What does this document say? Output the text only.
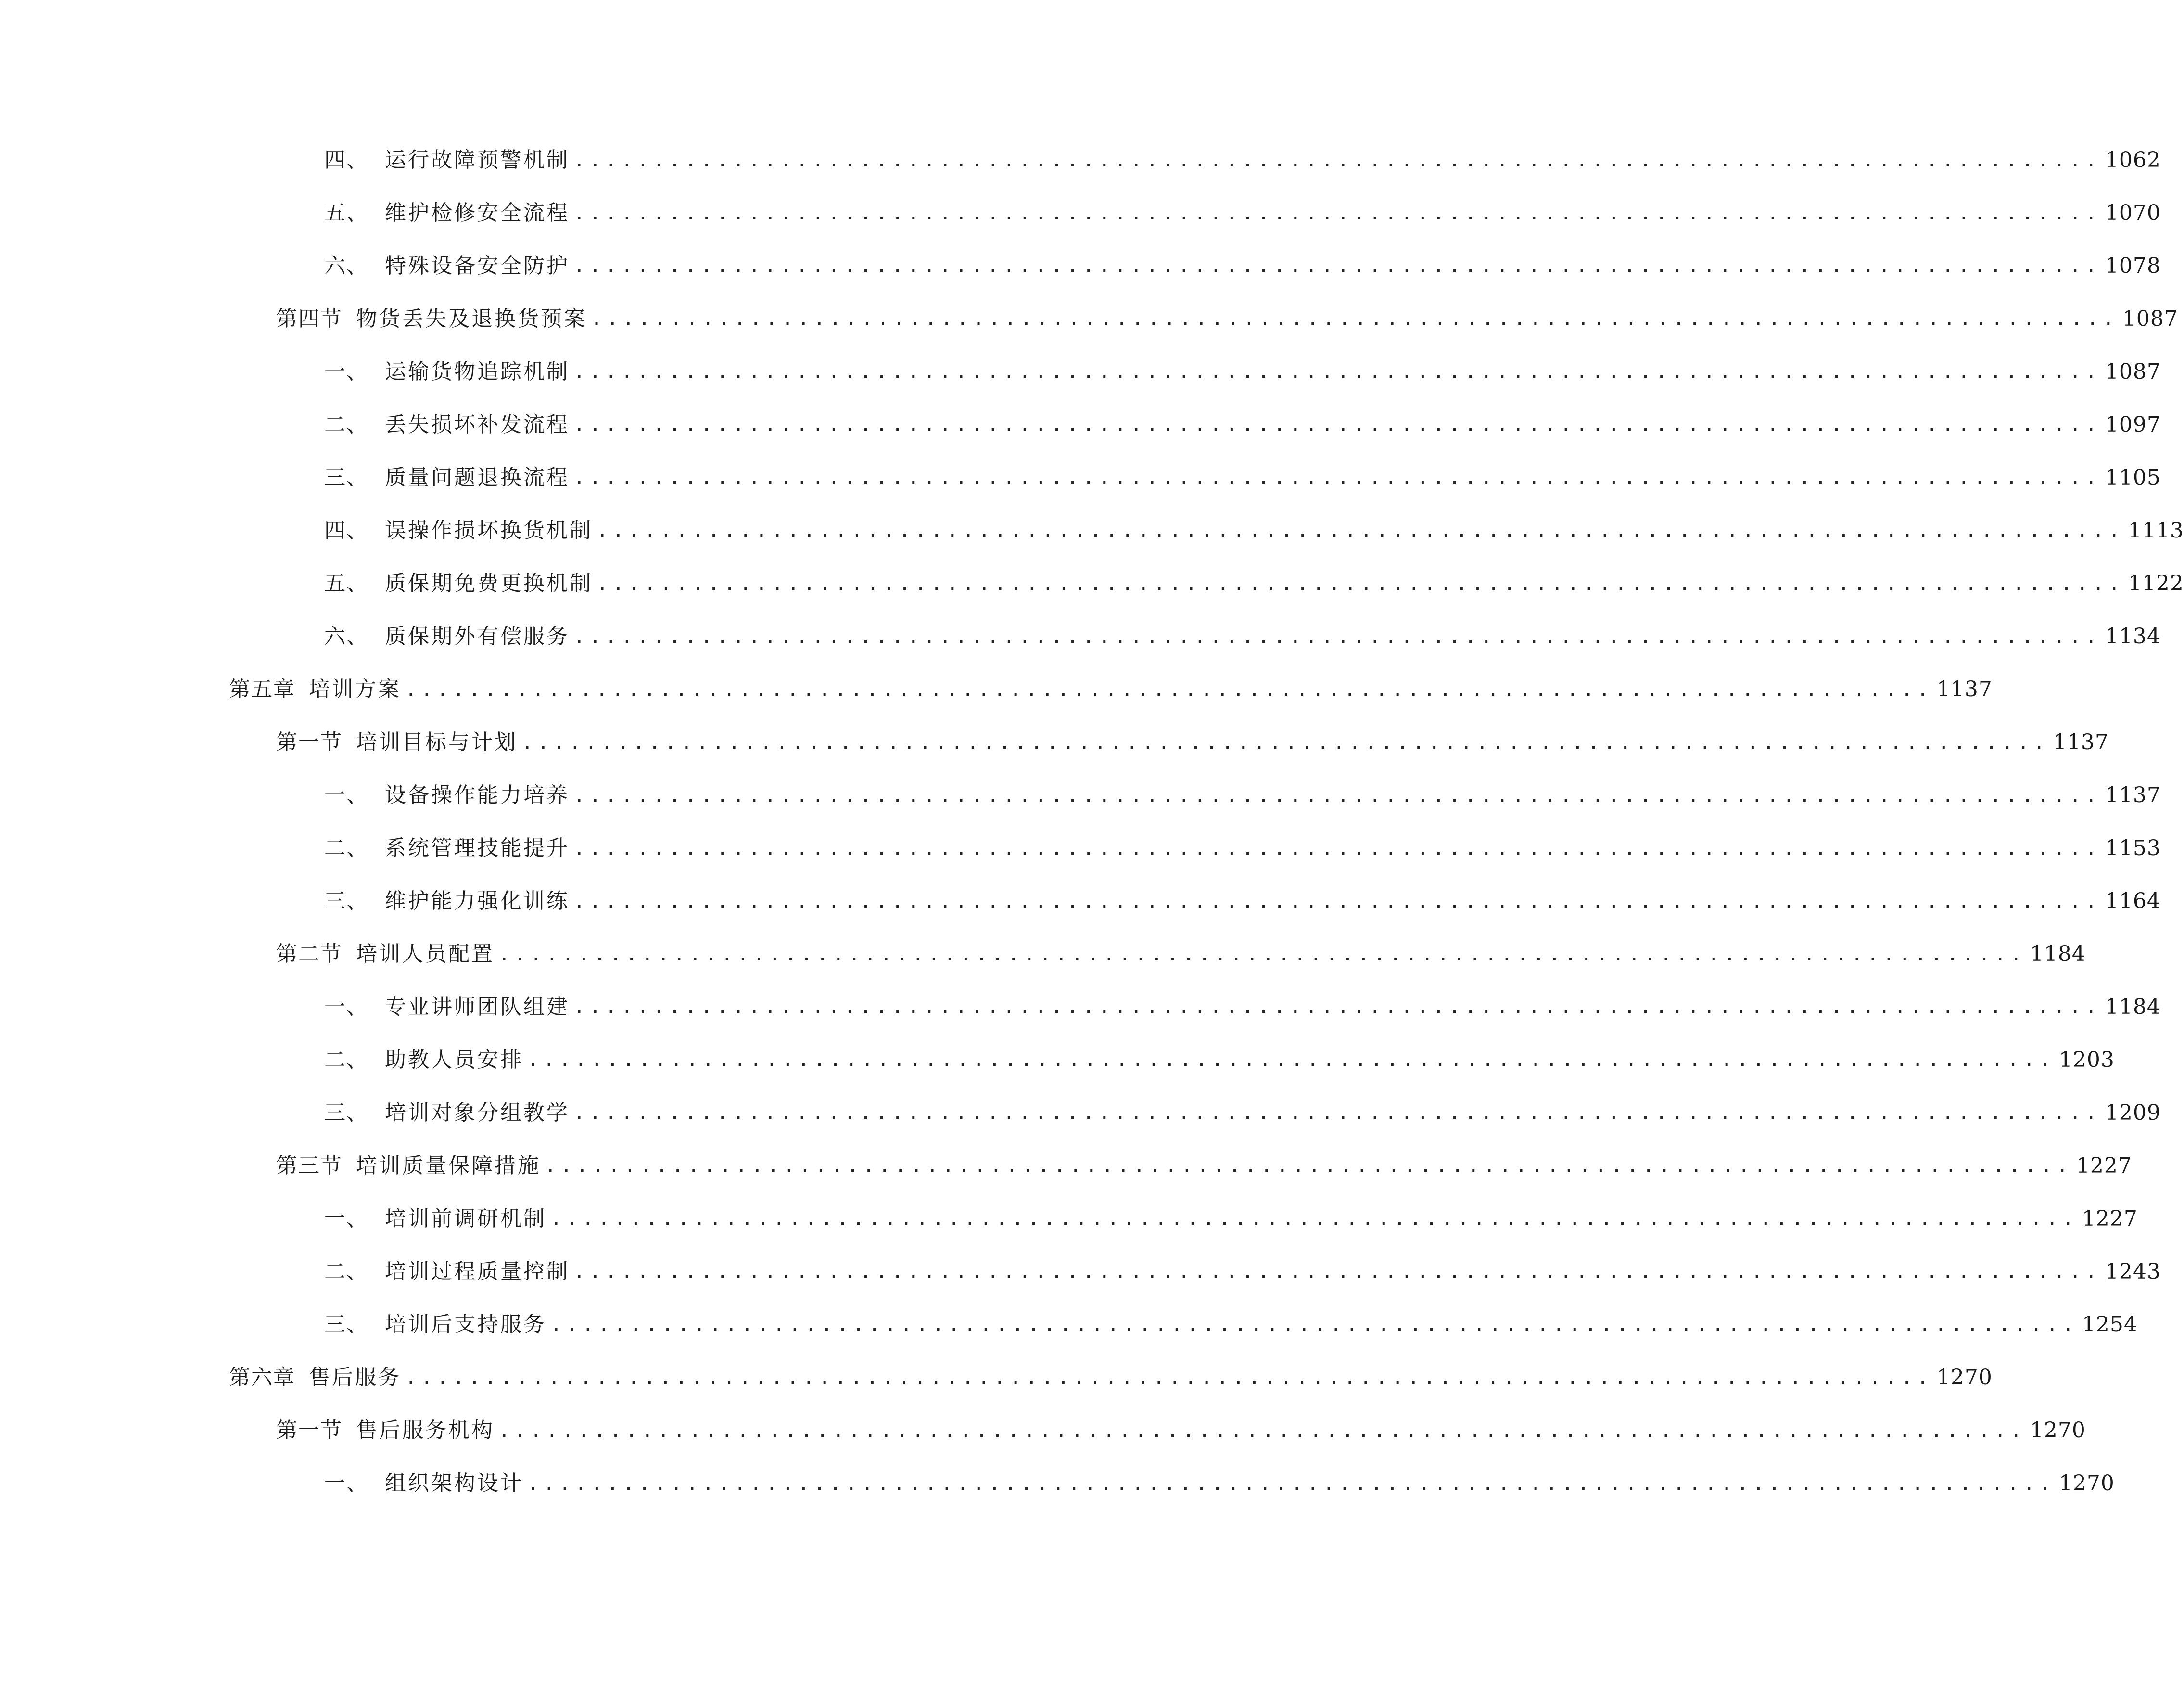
四、 运行故障预警机制 ................................................................................................ 1062
五、 维护检修安全流程 ................................................................................................ 1070
六、 特殊设备安全防护 ................................................................................................ 1078
第四节 物货丢失及退换货预案 ................................................................................................ 1087
一、 运输货物追踪机制 ................................................................................................ 1087
二、 丢失损坏补发流程 ................................................................................................ 1097
三、 质量问题退换流程 ................................................................................................ 1105
四、 误操作损坏换货机制 ................................................................................................ 1113
五、 质保期免费更换机制 ................................................................................................ 1122
六、 质保期外有偿服务 ................................................................................................ 1134
第五章 培训方案 ................................................................................................ 1137
第一节 培训目标与计划 ................................................................................................ 1137
一、 设备操作能力培养 ................................................................................................ 1137
二、 系统管理技能提升 ................................................................................................ 1153
三、 维护能力强化训练 ................................................................................................ 1164
第二节 培训人员配置 ................................................................................................ 1184
一、 专业讲师团队组建 ................................................................................................ 1184
二、 助教人员安排 ................................................................................................ 1203
三、 培训对象分组教学 ................................................................................................ 1209
第三节 培训质量保障措施 ................................................................................................ 1227
一、 培训前调研机制 ................................................................................................ 1227
二、 培训过程质量控制 ................................................................................................ 1243
三、 培训后支持服务 ................................................................................................ 1254
第六章 售后服务 ................................................................................................ 1270
第一节 售后服务机构 ................................................................................................ 1270
一、 组织架构设计 ................................................................................................ 1270
